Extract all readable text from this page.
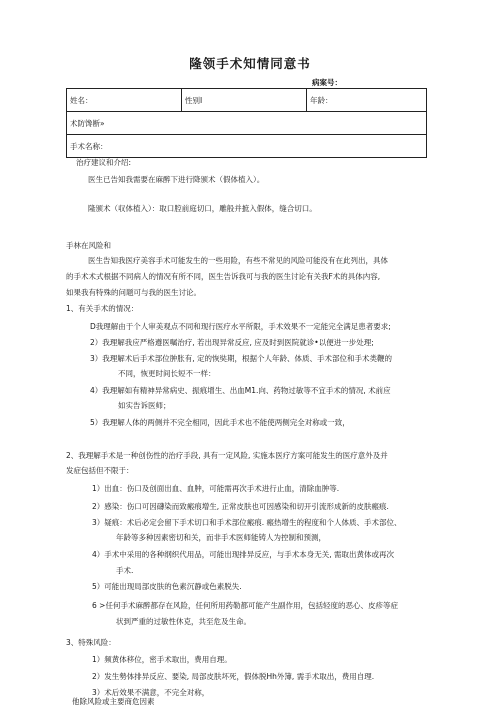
隆领手术知情同意书
病案号：
姓名：	性别I	年龄：
术防馋断»
手术名称：
治疗建议和介绍:
医生已告知我需要在麻醉下进行降颁术（假体植入）。
隆颁术（収体植入）：取口腔前庭切口，雕般并摭入假体，缝合切口。
手林在风险和
医生告知我医疗美容手术可能发生的一些用险，有些不常见的风险可能没有在此列出，具体
的手术术式根据不同病人的情况有所不同，医生告诉我可与我的医生讨论有关我F术的具体内容,
如果我有特殊的问题可与我的医生讨论。
1、有关手术的情况：
D我理解由于个人审美观点不同和现行医疗水平所限，手术效果不一定能完全满足患者要求;
2）我理解我应严格遵医嘱治疗, 若出现异常反应, 应及时到医院就诊•以便进一步处理;
3）我理解术后手术部位肿胀有, 定的恢奘期，根据个人年龄、体质、手术部位和手术类鞭的
不同，恢更时间长短不一样：
4）我理解如有精神异常病史、振痕增生、出血M1.向、药物过敏等不宜手术的情况, 术前应
如实告诉医师；
5）我理解人体的两侧并不完全相同，因此手术也不能使两侧完全对称或一致，
2、我理解手术是一种创伤性的治疗手段, 具有一定风险, 实施本医疗方案可能发生的医疗意外及并
发症包括但不限于：
1）出血：伤口及创面出血、血肿，可能需再次手术进行止血，清除血肿等.
2）感染：伤口可因礴染而致瘢痕增生, 正常皮肤也可因感染和切开引流形成新的皮肤瘢痕.
3）疑痕：术后必定会留下手术切口和手术部位瘢痕. 瘢热增生的程度和个人体质、手术部位、
年龄等多种因素密切和关，而非手术医师能铸人为控制和预测，
4）手术中采用的各种纲织代用品，可能出现排异反应，与手术本身无关, 需取出黄体或再次
手术.
5）可能出现局部皮肤的色素沉静或色素脱失.
6 >任何手术麻醉都存在风险，任何所用药勒都可能产生副作用，包括轻度的恶心、皮疹等症
状到严重的过敏性休克，共至危及生命。
3、特殊风险：
1）频黄体移位，密手术取出，费用自理。
2）发生勢体排异反应、要染, 局部皮肤坏死，假体脱Hh外簿, 需手术取出，费用自理.
3）术后效果不满意，不完全对称，
他除风险或主要商危因素
